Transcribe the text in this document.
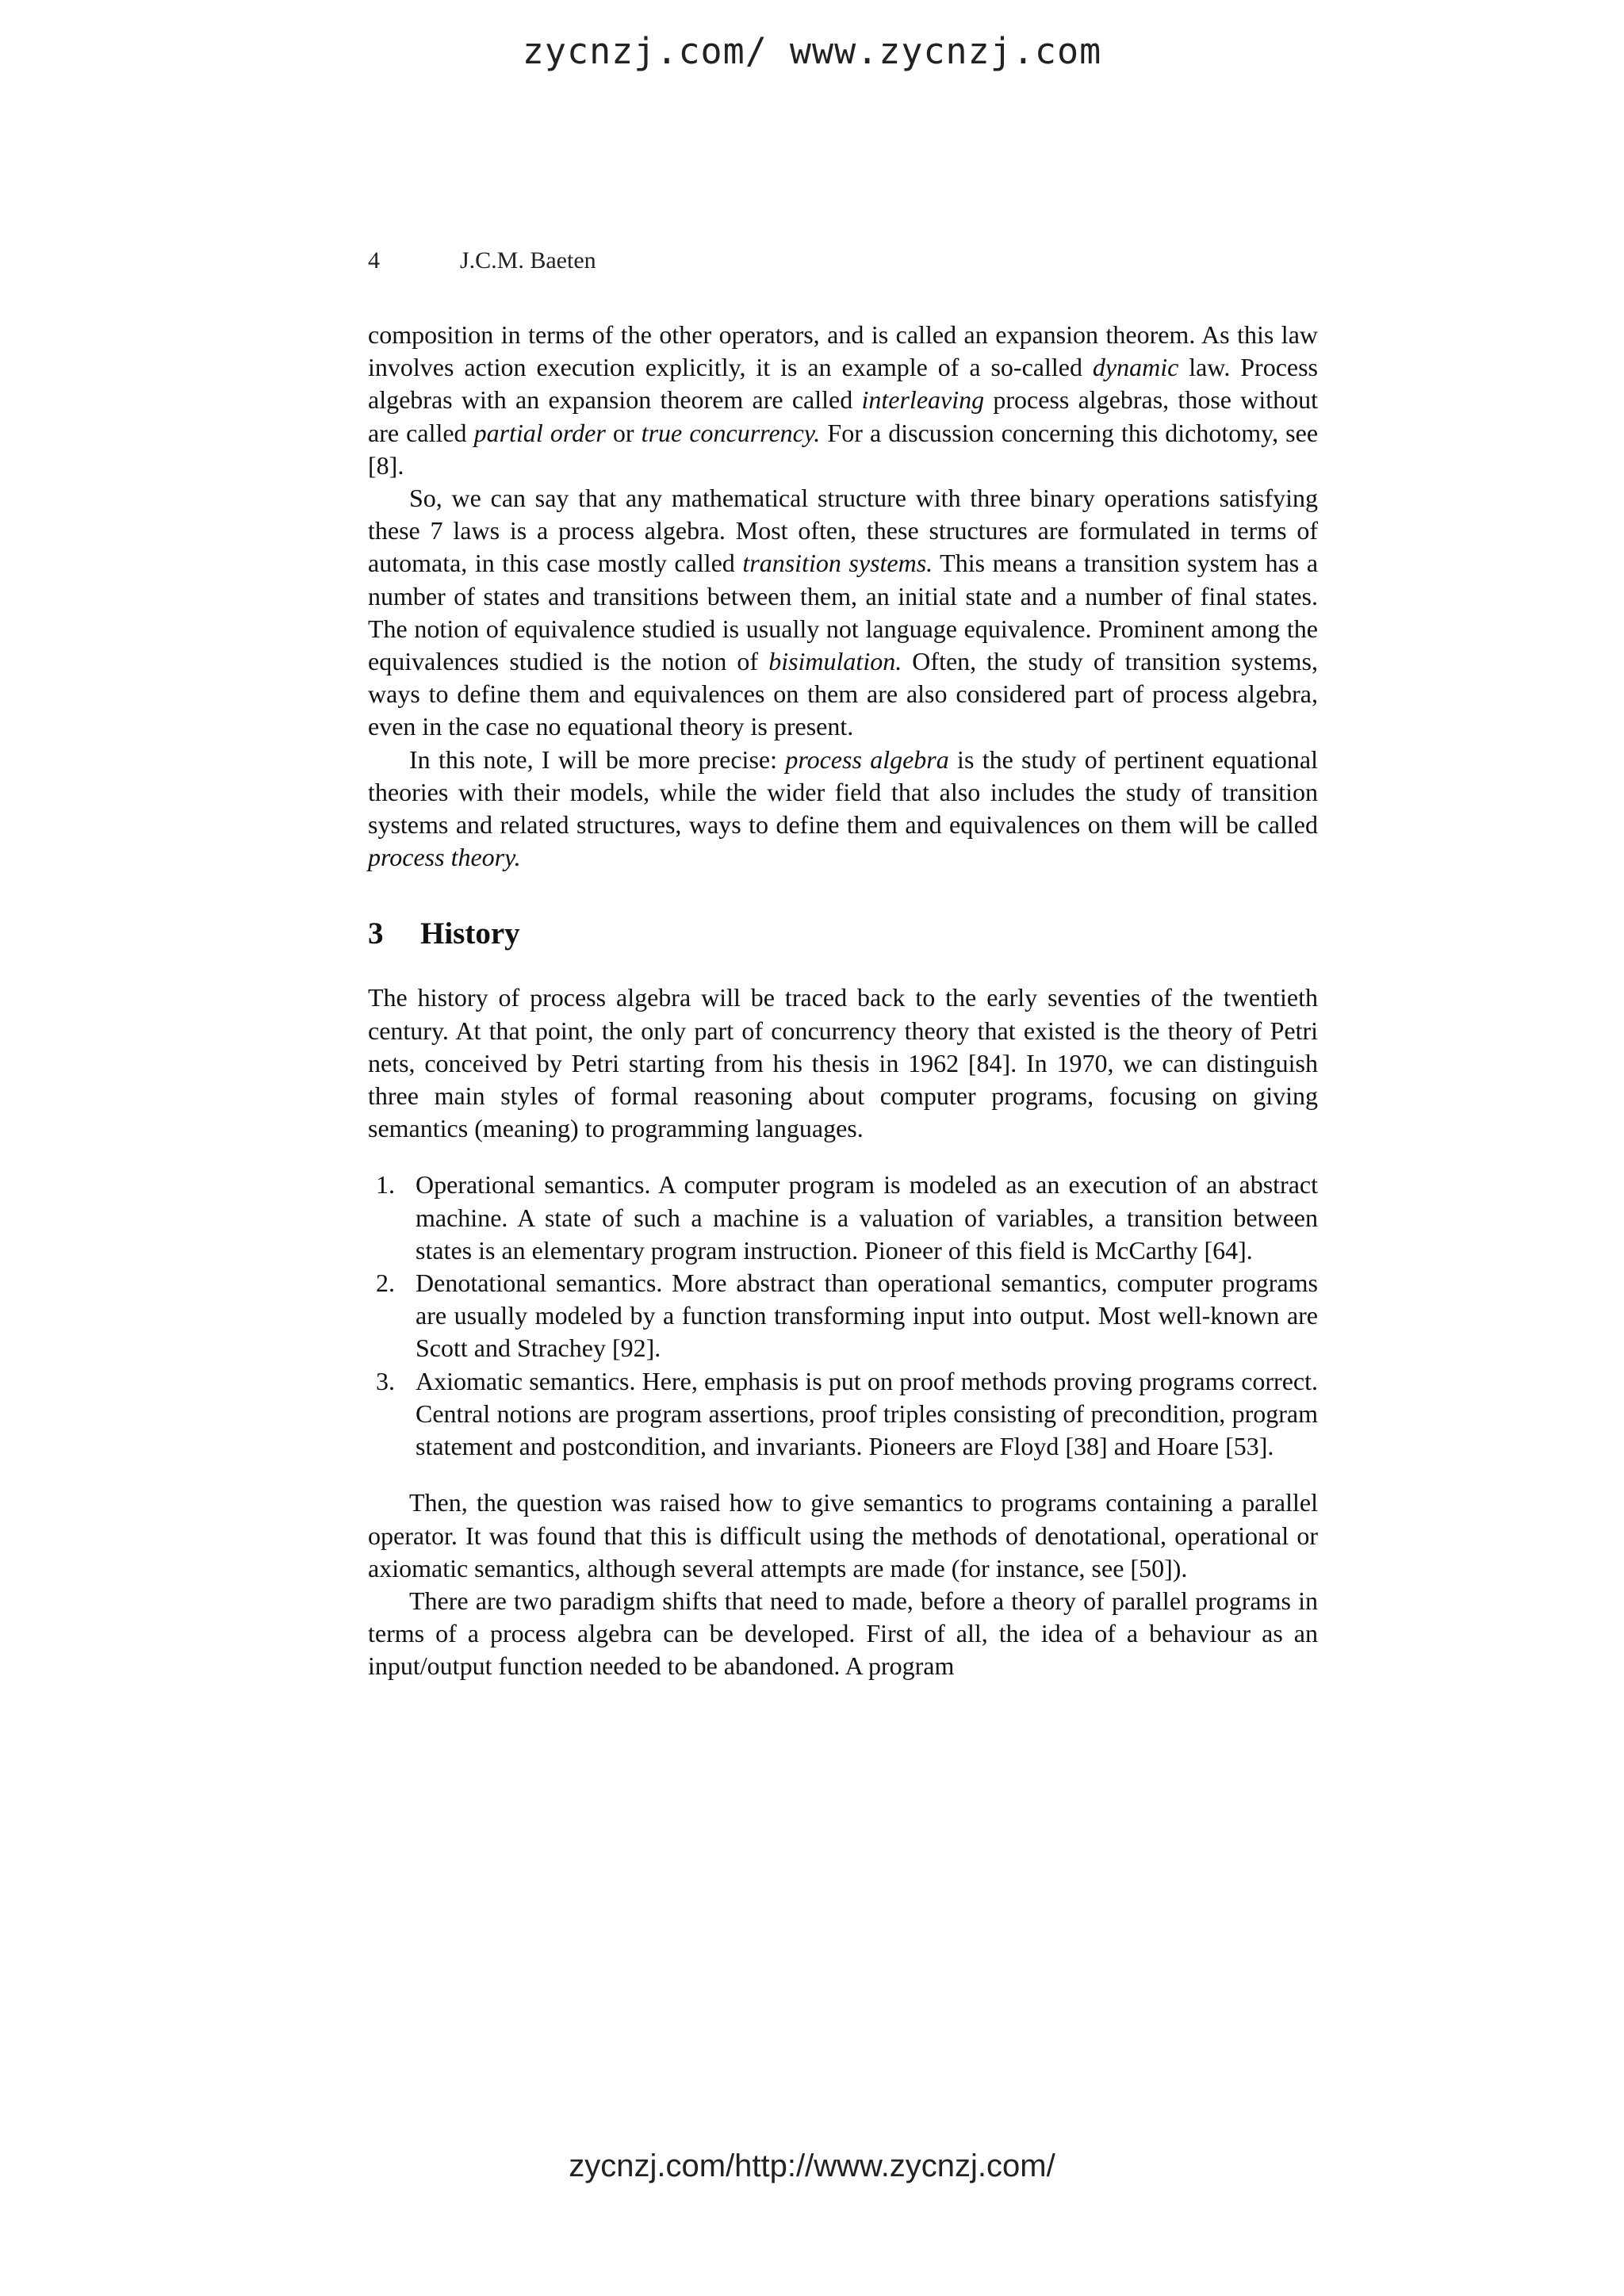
zycnzj.com/ www.zycnzj.com
4	J.C.M. Baeten

composition in terms of the other operators, and is called an expansion theorem. As this law involves action execution explicitly, it is an example of a so-called dynamic law. Process algebras with an expansion theorem are called interleaving process algebras, those without are called partial order or true concurrency. For a discussion concerning this dichotomy, see [8].

So, we can say that any mathematical structure with three binary operations satisfying these 7 laws is a process algebra. Most often, these structures are formulated in terms of automata, in this case mostly called transition systems. This means a transition system has a number of states and transitions between them, an initial state and a number of final states. The notion of equivalence studied is usually not language equivalence. Prominent among the equivalences studied is the notion of bisimulation. Often, the study of transition systems, ways to define them and equivalences on them are also considered part of process algebra, even in the case no equational theory is present.

In this note, I will be more precise: process algebra is the study of pertinent equational theories with their models, while the wider field that also includes the study of transition systems and related structures, ways to define them and equivalences on them will be called process theory.

3 History

The history of process algebra will be traced back to the early seventies of the twentieth century. At that point, the only part of concurrency theory that existed is the theory of Petri nets, conceived by Petri starting from his thesis in 1962 [84]. In 1970, we can distinguish three main styles of formal reasoning about computer programs, focusing on giving semantics (meaning) to programming languages.

1. Operational semantics. A computer program is modeled as an execution of an abstract machine. A state of such a machine is a valuation of variables, a transition between states is an elementary program instruction. Pioneer of this field is McCarthy [64].
2. Denotational semantics. More abstract than operational semantics, computer programs are usually modeled by a function transforming input into output. Most well-known are Scott and Strachey [92].
3. Axiomatic semantics. Here, emphasis is put on proof methods proving programs correct. Central notions are program assertions, proof triples consisting of precondition, program statement and postcondition, and invariants. Pioneers are Floyd [38] and Hoare [53].

Then, the question was raised how to give semantics to programs containing a parallel operator. It was found that this is difficult using the methods of denotational, operational or axiomatic semantics, although several attempts are made (for instance, see [50]).

There are two paradigm shifts that need to made, before a theory of parallel programs in terms of a process algebra can be developed. First of all, the idea of a behaviour as an input/output function needed to be abandoned. A program

zycnzj.com/http://www.zycnzj.com/
